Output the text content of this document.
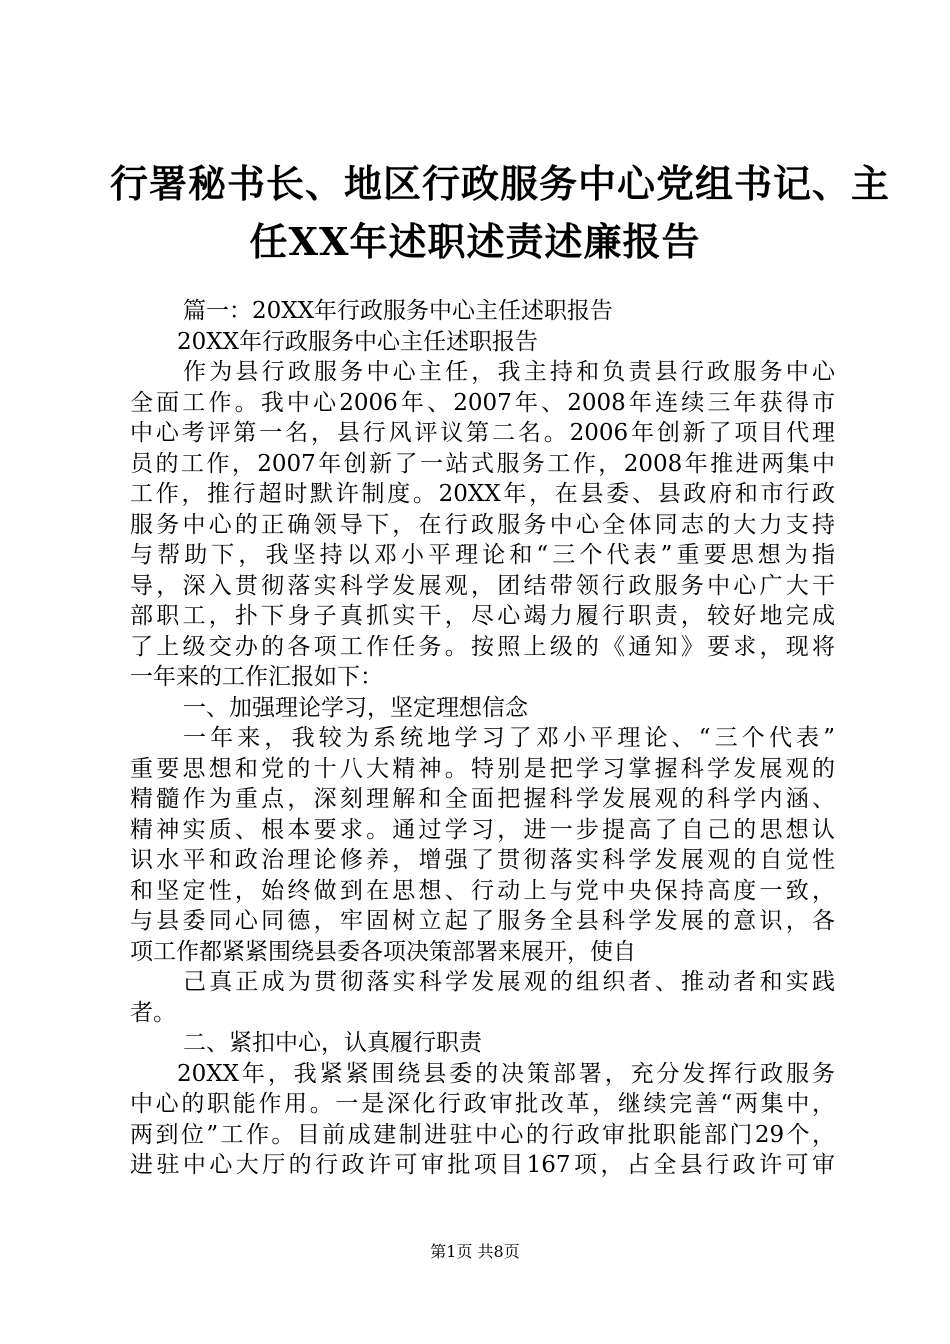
行署秘书长、地区行政服务中心党组书记、主
任XX年述职述责述廉报告
篇一：20XX年行政服务中心主任述职报告
20XX年行政服务中心主任述职报告
作为县行政服务中心主任，我主持和负责县行政服务中心
全面工作。我中心2006年、2007年、2008年连续三年获得市
中心考评第一名，县行风评议第二名。2006年创新了项目代理
员的工作，2007年创新了一站式服务工作，2008年推进两集中
工作，推行超时默许制度。20XX年，在县委、县政府和市行政
服务中心的正确领导下，在行政服务中心全体同志的大力支持
与帮助下，我坚持以邓小平理论和“三个代表”重要思想为指
导，深入贯彻落实科学发展观，团结带领行政服务中心广大干
部职工，扑下身子真抓实干，尽心竭力履行职责，较好地完成
了上级交办的各项工作任务。按照上级的《通知》要求，现将
一年来的工作汇报如下：
一、加强理论学习，坚定理想信念
一年来，我较为系统地学习了邓小平理论、“三个代表”
重要思想和党的十八大精神。特别是把学习掌握科学发展观的
精髓作为重点，深刻理解和全面把握科学发展观的科学内涵、
精神实质、根本要求。通过学习，进一步提高了自己的思想认
识水平和政治理论修养，增强了贯彻落实科学发展观的自觉性
和坚定性，始终做到在思想、行动上与党中央保持高度一致，
与县委同心同德，牢固树立起了服务全县科学发展的意识，各
项工作都紧紧围绕县委各项决策部署来展开，使自
己真正成为贯彻落实科学发展观的组织者、推动者和实践
者。
二、紧扣中心，认真履行职责
20XX年，我紧紧围绕县委的决策部署，充分发挥行政服务
中心的职能作用。一是深化行政审批改革，继续完善“两集中，
两到位”工作。目前成建制进驻中心的行政审批职能部门29个，
进驻中心大厅的行政许可审批项目167项，占全县行政许可审
第1页 共8页
